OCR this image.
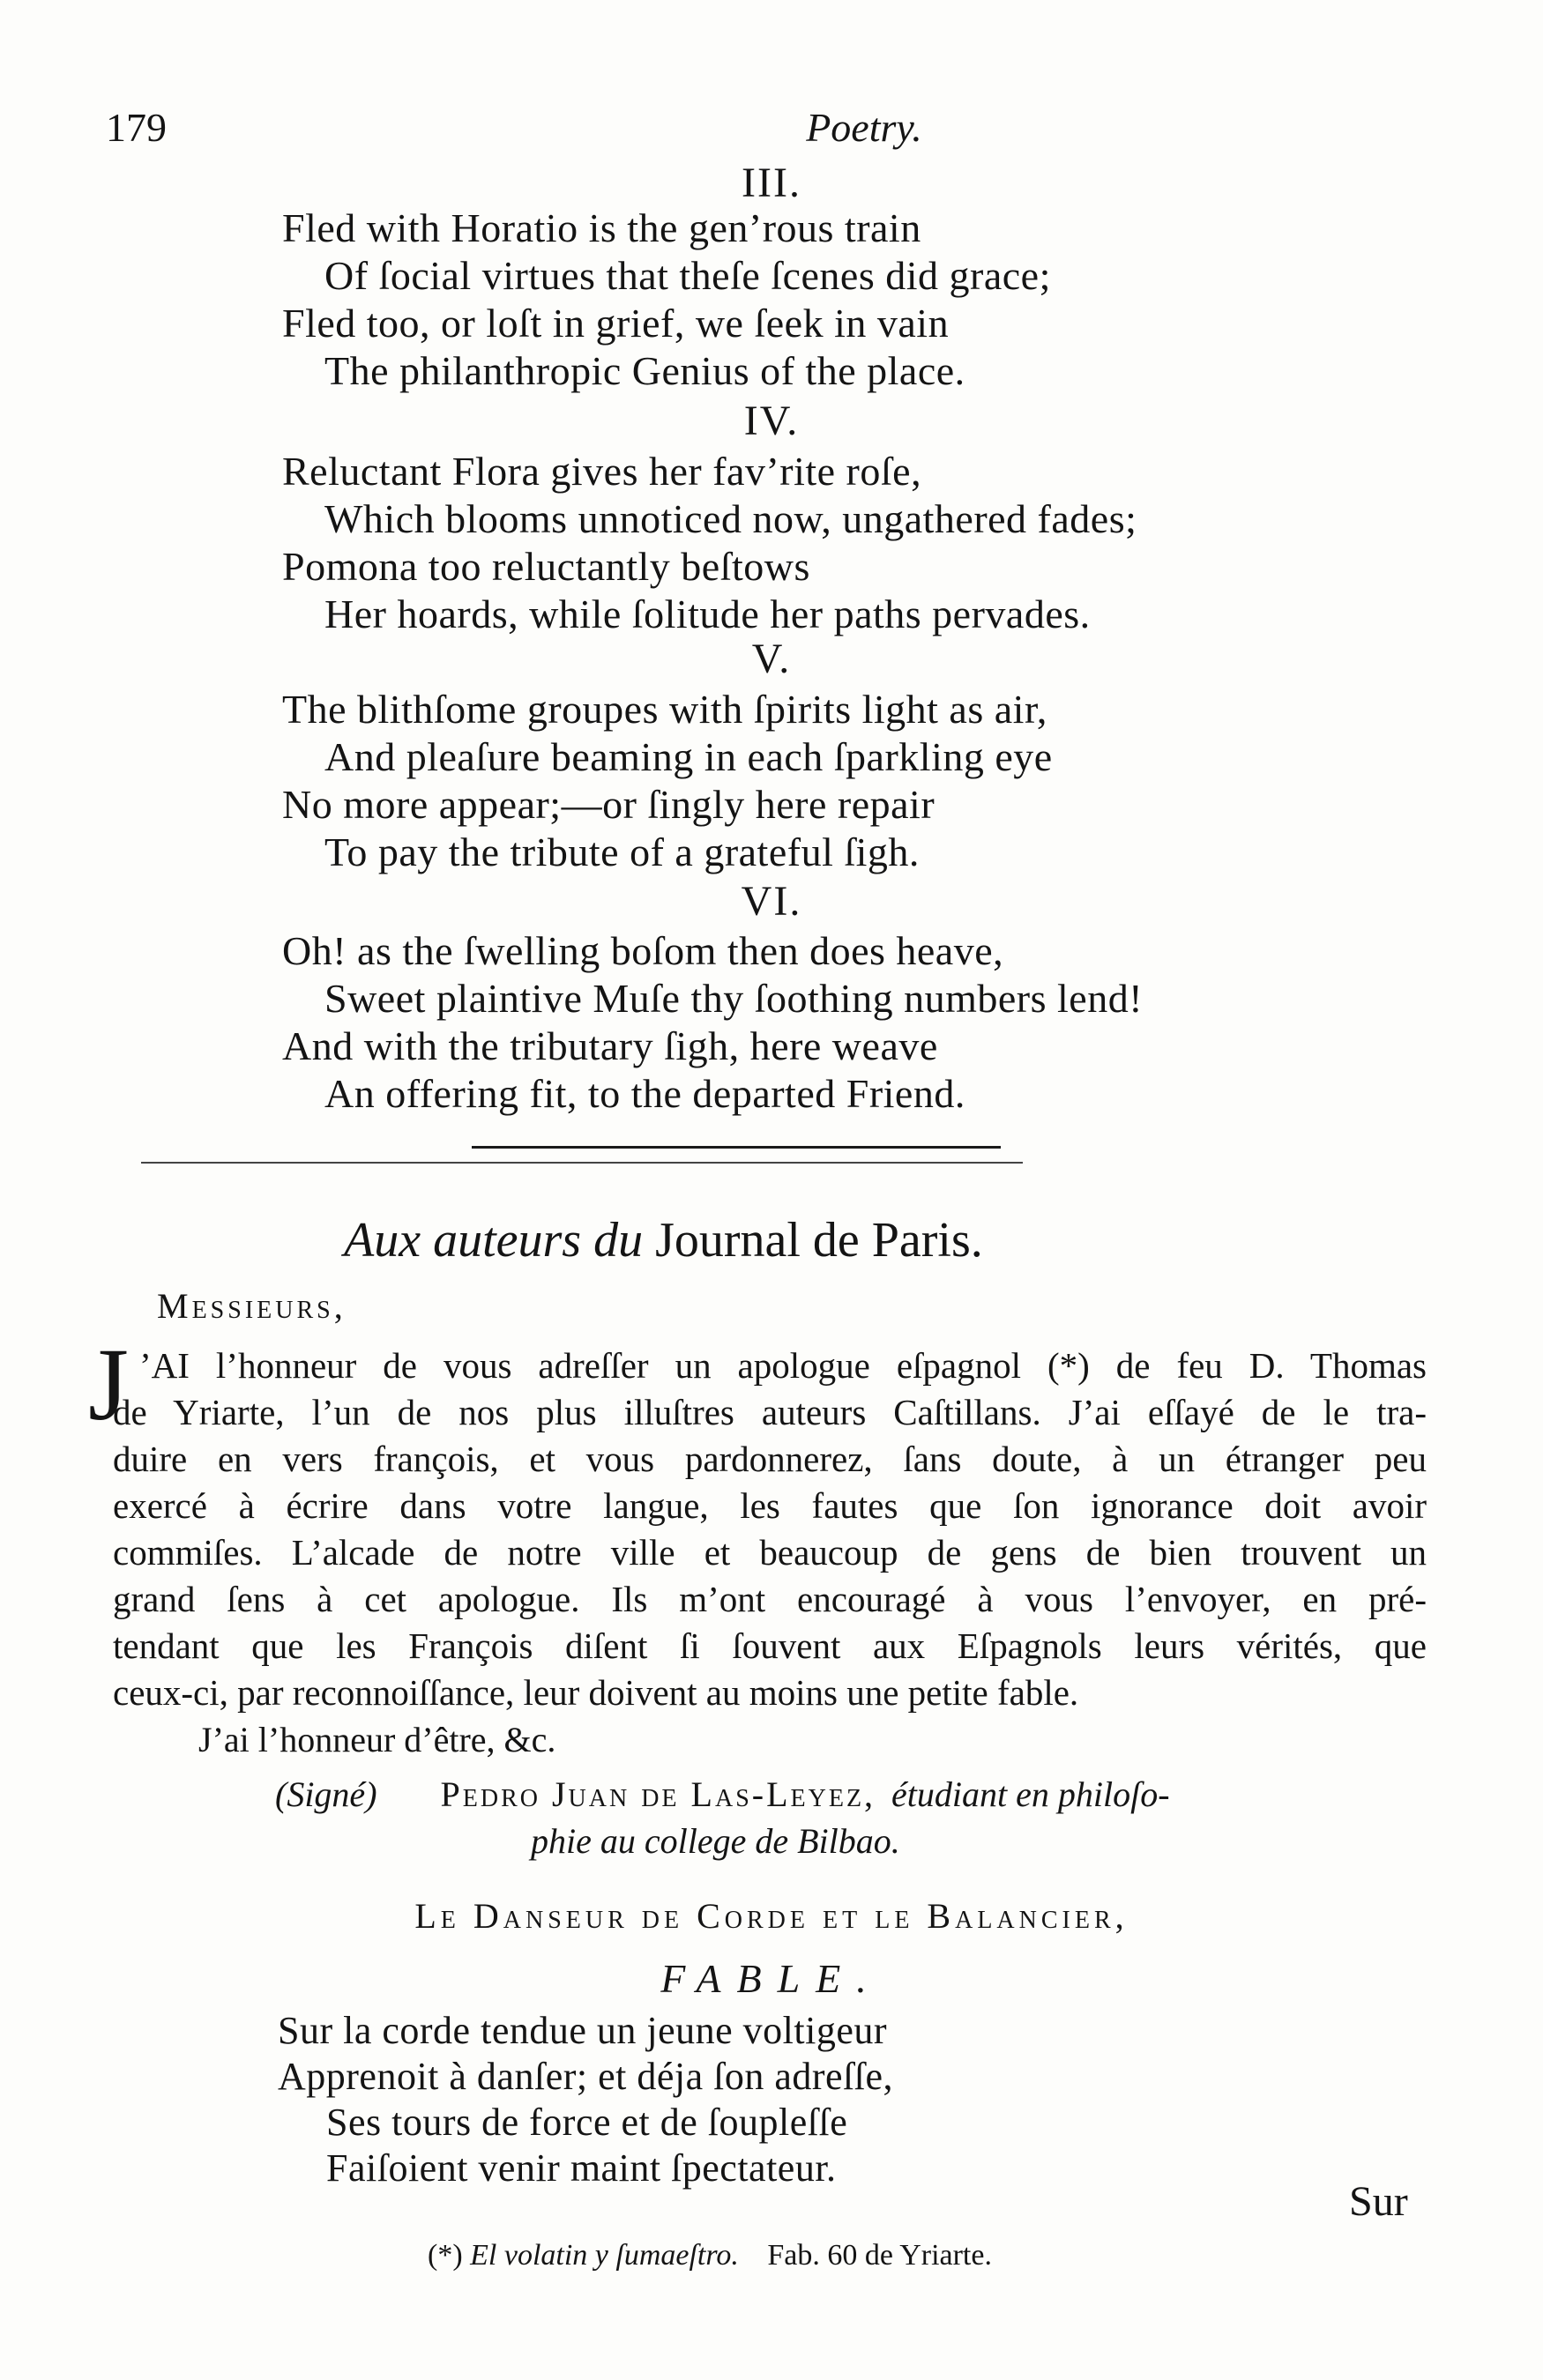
179	Poetry.
III.
Fled with Horatio is the gen’rous train
Of ſocial virtues that theſe ſcenes did grace;
Fled too, or loſt in grief, we ſeek in vain
The philanthropic Genius of the place.
IV.
Reluctant Flora gives her fav’rite roſe,
Which blooms unnoticed now, ungathered fades;
Pomona too reluctantly beſtows
Her hoards, while ſolitude her paths pervades.
V.
The blithſome groupes with ſpirits light as air,
And pleaſure beaming in each ſparkling eye
No more appear;—or ſingly here repair
To pay the tribute of a grateful ſigh.
VI.
Oh! as the ſwelling boſom then does heave,
Sweet plaintive Muſe thy ſoothing numbers lend!
And with the tributary ſigh, here weave
An offering fit, to the departed Friend.
Aux auteurs du Journal de Paris.
Messieurs,
J ’AI l’honneur de vous adreſſer un apologue eſpagnol (*) de feu D. Thomas
de Yriarte, l’un de nos plus illuſtres auteurs Caſtillans. J’ai eſſayé de le tra-
duire en vers françois, et vous pardonnerez, ſans doute, à un étranger peu
exercé à écrire dans votre langue, les fautes que ſon ignorance doit avoir
commiſes. L’alcade de notre ville et beaucoup de gens de bien trouvent un
grand ſens à cet apologue. Ils m’ont encouragé à vous l’envoyer, en pré-
tendant que les François diſent ſi ſouvent aux Eſpagnols leurs vérités, que
ceux-ci, par reconnoiſſance, leur doivent au moins une petite fable.
J’ai l’honneur d’être, &c.
(Signé) Pedro Juan de Las-Leyez, étudiant en philoſo-
phie au college de Bilbao.
Le Danseur de Corde et le Balancier,
FABLE.
Sur la corde tendue un jeune voltigeur
Apprenoit à danſer; et déja ſon adreſſe,
Ses tours de force et de ſoupleſſe
Faiſoient venir maint ſpectateur.
Sur
(*) El volatin y ſumaeſtro. Fab. 60 de Yriarte.
